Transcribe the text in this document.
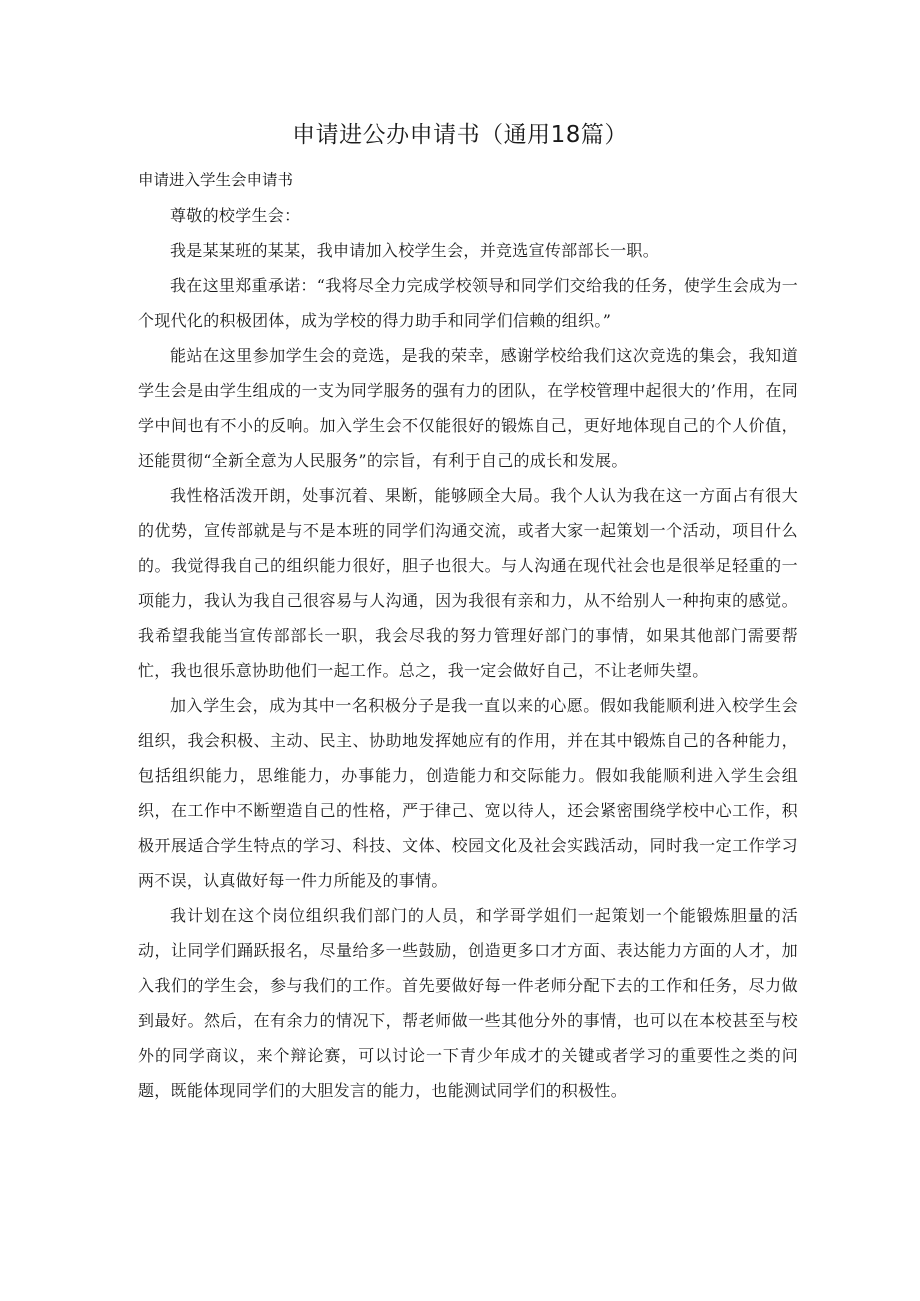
申请进公办申请书（通用18篇）
申请进入学生会申请书

尊敬的校学生会：

我是某某班的某某，我申请加入校学生会，并竞选宣传部部长一职。

我在这里郑重承诺：“我将尽全力完成学校领导和同学们交给我的任务，使学生会成为一个现代化的积极团体，成为学校的得力助手和同学们信赖的组织。”

能站在这里参加学生会的竞选，是我的荣幸，感谢学校给我们这次竞选的集会，我知道学生会是由学生组成的一支为同学服务的强有力的团队，在学校管理中起很大的’作用，在同学中间也有不小的反响。加入学生会不仅能很好的锻炼自己，更好地体现自己的个人价值，还能贯彻“全新全意为人民服务”的宗旨，有利于自己的成长和发展。

我性格活泼开朗，处事沉着、果断，能够顾全大局。我个人认为我在这一方面占有很大的优势，宣传部就是与不是本班的同学们沟通交流，或者大家一起策划一个活动，项目什么的。我觉得我自己的组织能力很好，胆子也很大。与人沟通在现代社会也是很举足轻重的一项能力，我认为我自己很容易与人沟通，因为我很有亲和力，从不给别人一种拘束的感觉。我希望我能当宣传部部长一职，我会尽我的努力管理好部门的事情，如果其他部门需要帮忙，我也很乐意协助他们一起工作。总之，我一定会做好自己，不让老师失望。

加入学生会，成为其中一名积极分子是我一直以来的心愿。假如我能顺利进入校学生会组织，我会积极、主动、民主、协助地发挥她应有的作用，并在其中锻炼自己的各种能力，包括组织能力，思维能力，办事能力，创造能力和交际能力。假如我能顺利进入学生会组织，在工作中不断塑造自己的性格，严于律己、宽以待人，还会紧密围绕学校中心工作，积极开展适合学生特点的学习、科技、文体、校园文化及社会实践活动，同时我一定工作学习两不误，认真做好每一件力所能及的事情。

我计划在这个岗位组织我们部门的人员，和学哥学姐们一起策划一个能锻炼胆量的活动，让同学们踊跃报名，尽量给多一些鼓励，创造更多口才方面、表达能力方面的人才，加入我们的学生会，参与我们的工作。首先要做好每一件老师分配下去的工作和任务，尽力做到最好。然后，在有余力的情况下，帮老师做一些其他分外的事情，也可以在本校甚至与校外的同学商议，来个辩论赛，可以讨论一下青少年成才的关键或者学习的重要性之类的问题，既能体现同学们的大胆发言的能力，也能测试同学们的积极性。
